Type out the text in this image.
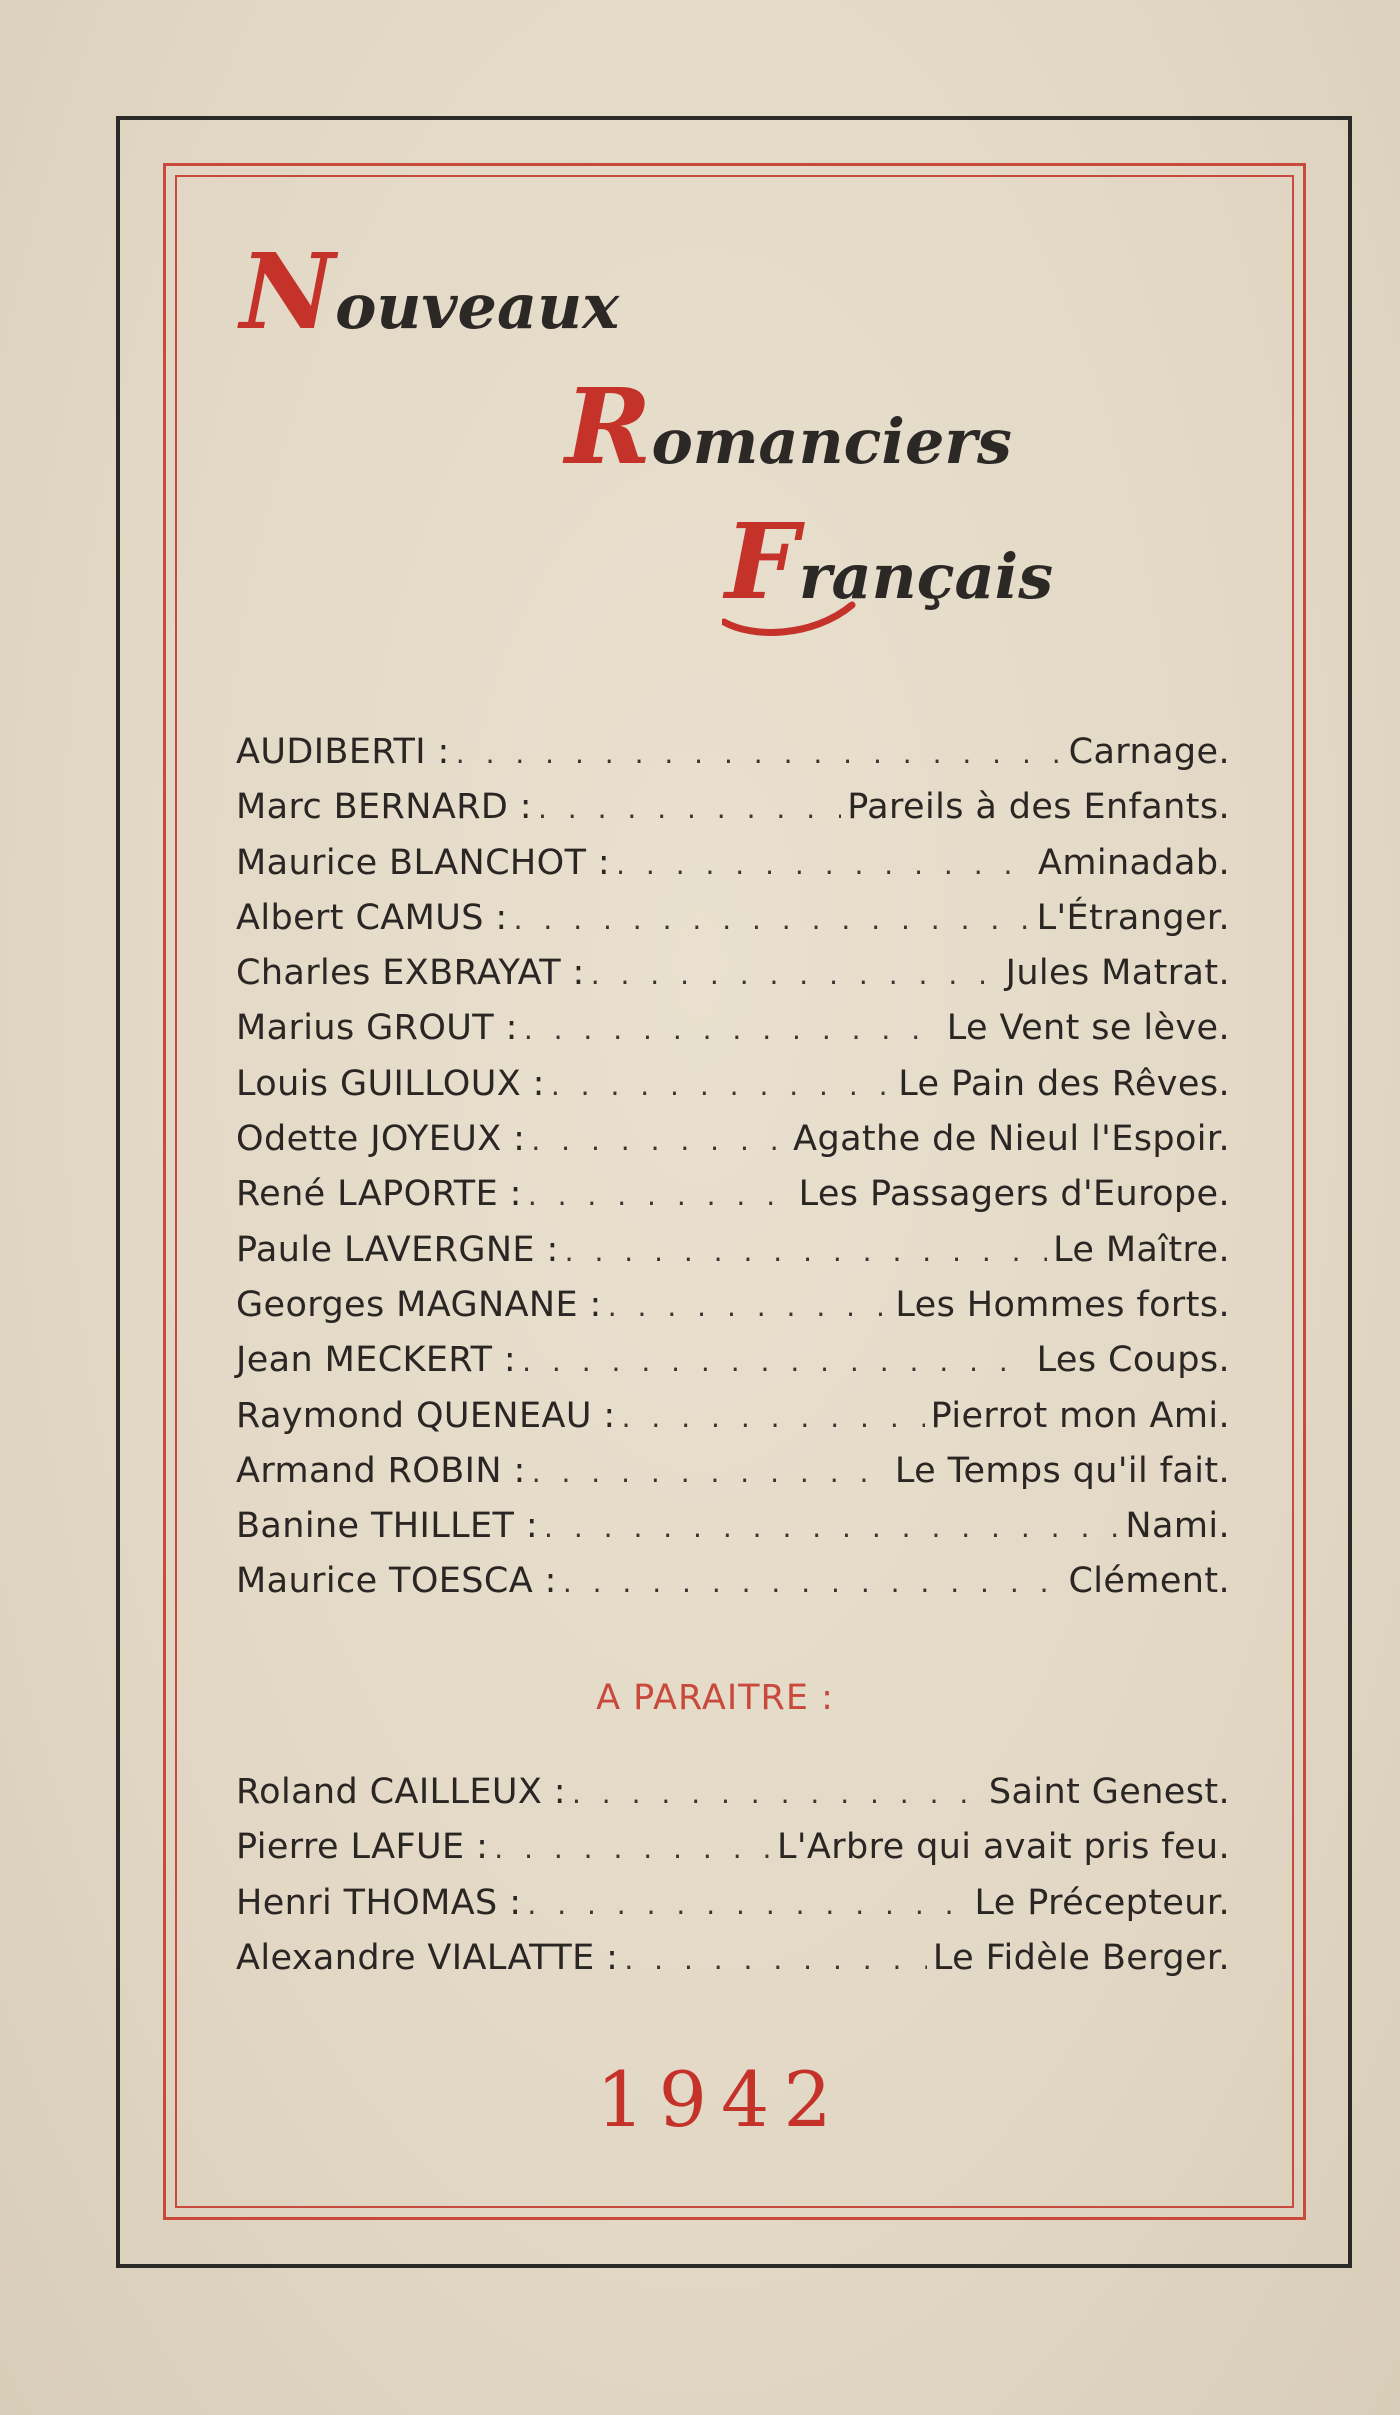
Nouveaux
Romanciers
Français
AUDIBERTI : . . .	Carnage.
Marc BERNARD : . . .	Pareils à des Enfants.
Maurice BLANCHOT : . . .	Aminadab.
Albert CAMUS : . . .	L'Étranger.
Charles EXBRAYAT : . . .	Jules Matrat.
Marius GROUT : . . .	Le Vent se lève.
Louis GUILLOUX : . . .	Le Pain des Rêves.
Odette JOYEUX : . . .	Agathe de Nieul l'Espoir.
René LAPORTE : . . .	Les Passagers d'Europe.
Paule LAVERGNE : . . .	Le Maître.
Georges MAGNANE : . . .	Les Hommes forts.
Jean MECKERT : . . .	Les Coups.
Raymond QUENEAU : . . .	Pierrot mon Ami.
Armand ROBIN : . . .	Le Temps qu'il fait.
Banine THILLET : . . .	Nami.
Maurice TOESCA : . . .	Clément.
A PARAITRE :
Roland CAILLEUX : . . .	Saint Genest.
Pierre LAFUE : . . .	L'Arbre qui avait pris feu.
Henri THOMAS : . . .	Le Précepteur.
Alexandre VIALATTE : . . .	Le Fidèle Berger.
1942
